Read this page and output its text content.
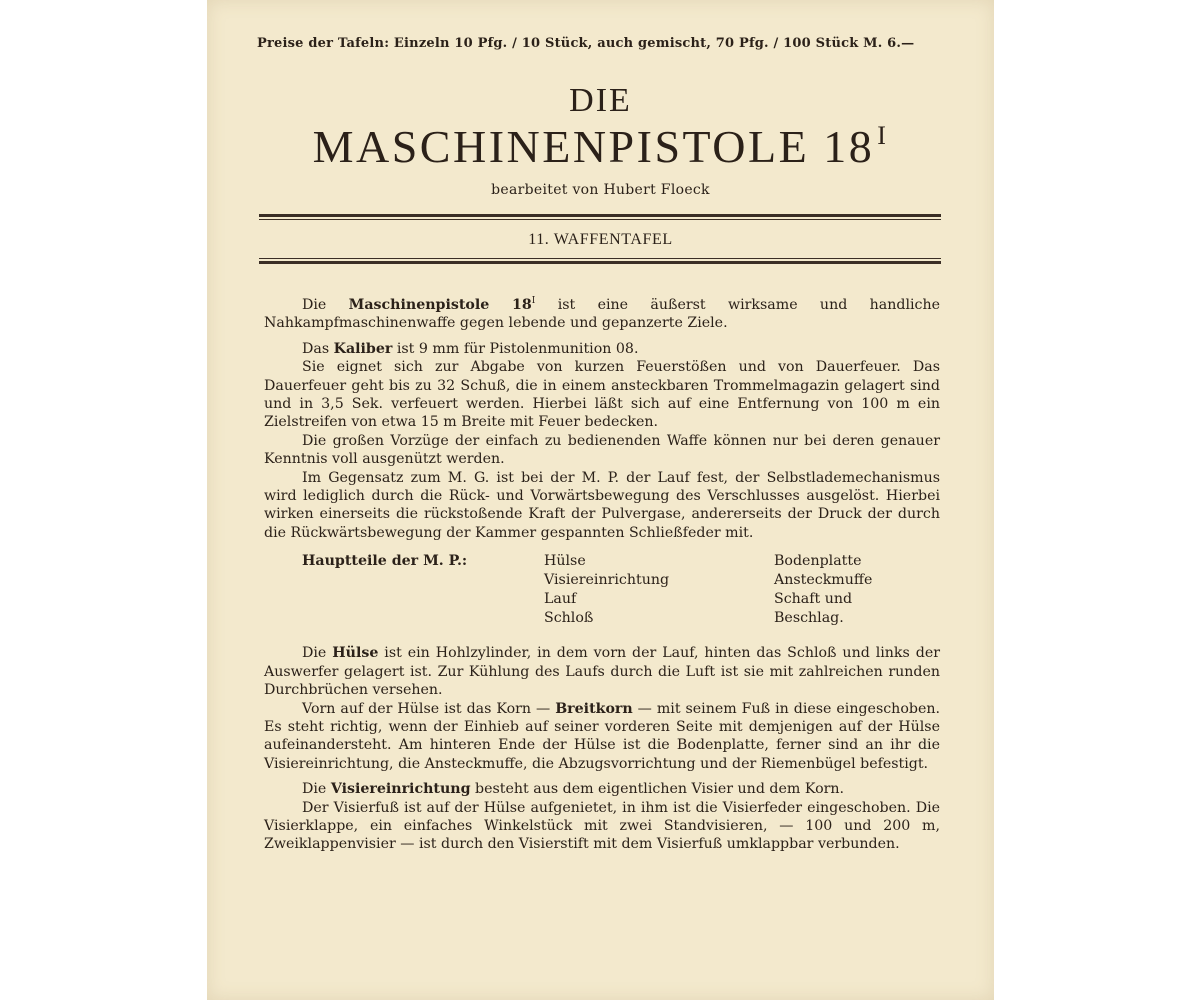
Preise der Tafeln: Einzeln 10 Pfg. / 10 Stück, auch gemischt, 70 Pfg. / 100 Stück M. 6.—
DIE
MASCHINENPISTOLE 18 $^I$
bearbeitet von Hubert Floeck
11. WAFFENTAFEL

Die Maschinenpistole $18^I$ ist eine äußerst wirksame und handliche Nahkampfmaschinenwaffe gegen lebende und gepanzerte Ziele.

Das Kaliber ist 9 mm für Pistolenmunition 08.

Sie eignet sich zur Abgabe von kurzen Feuerstößen und von Dauerfeuer. Das Dauerfeuer geht bis zu 32 Schuß, die in einem ansteckbaren Trommelmagazin gelagert sind und in 3,5 Sek. verfeuert werden. Hierbei läßt sich auf eine Entfernung von 100 m ein Zielstreifen von etwa 15 m Breite mit Feuer bedecken.

Die großen Vorzüge der einfach zu bedienenden Waffe können nur bei deren genauer Kenntnis voll ausgenützt werden.

Im Gegensatz zum M. G. ist bei der M. P. der Lauf fest, der Selbstlademechanismus wird lediglich durch die Rück- und Vorwärtsbewegung des Verschlusses ausgelöst. Hierbei wirken einerseits die rückstoßende Kraft der Pulvergase, andererseits der Druck der durch die Rückwärtsbewegung der Kammer gespannten Schließfeder mit.

Hauptteile der M. P.:	Hülse
Visiereinrichtung
Lauf
Schloß
Bodenplatte
Ansteckmuffe
Schaft und
Beschlag.

Die Hülse ist ein Hohlzylinder, in dem vorn der Lauf, hinten das Schloß und links der Auswerfer gelagert ist. Zur Kühlung des Laufs durch die Luft ist sie mit zahlreichen runden Durchbrüchen versehen.

Vorn auf der Hülse ist das Korn — Breitkorn — mit seinem Fuß in diese eingeschoben. Es steht richtig, wenn der Einhieb auf seiner vorderen Seite mit demjenigen auf der Hülse aufeinandersteht. Am hinteren Ende der Hülse ist die Bodenplatte, ferner sind an ihr die Visiereinrichtung, die Ansteckmuffe, die Abzugsvorrichtung und der Riemenbügel befestigt.

Die Visiereinrichtung besteht aus dem eigentlichen Visier und dem Korn.

Der Visierfuß ist auf der Hülse aufgenietet, in ihm ist die Visierfeder eingeschoben. Die Visierklappe, ein einfaches Winkelstück mit zwei Standvisieren, — 100 und 200 m, Zweiklappenvisier — ist durch den Visierstift mit dem Visierfuß umklappbar verbunden.
